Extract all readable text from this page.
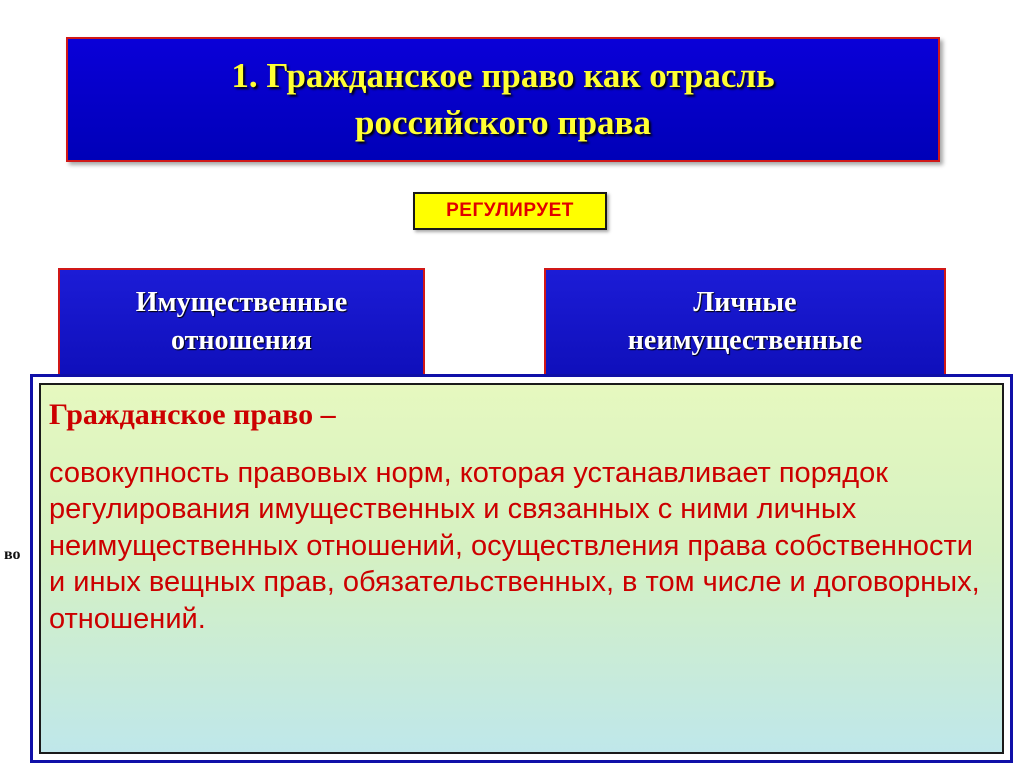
1. Гражданское право как отрасль
российского права
РЕГУЛИРУЕТ
Имущественные
отношения
Личные
неимущественные
во

Гражданское право –

совокупность правовых норм, которая устанавливает порядок регулирования имущественных и связанных с ними личных неимущественных отношений, осуществления права собственности и иных вещных прав, обязательственных, в том числе и договорных, отношений.
